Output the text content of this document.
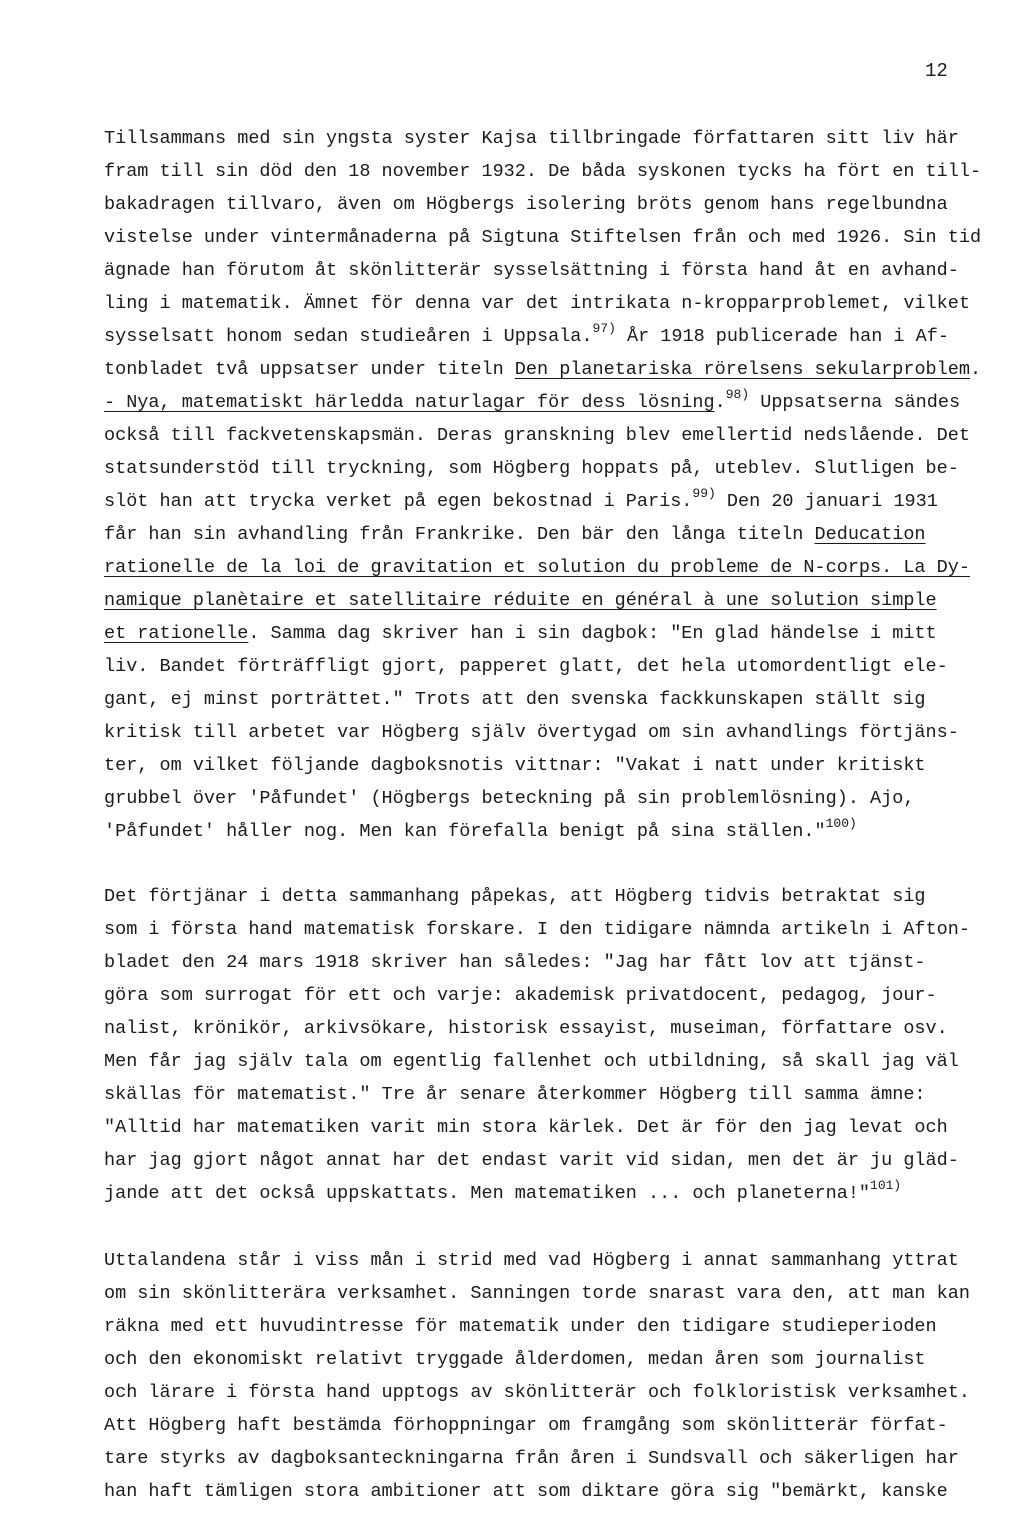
12

Tillsammans med sin yngsta syster Kajsa tillbringade författaren sitt liv här

fram till sin död den 18 november 1932. De båda syskonen tycks ha fört en till-

bakadragen tillvaro, även om Högbergs isolering bröts genom hans regelbundna

vistelse under vintermånaderna på Sigtuna Stiftelsen från och med 1926. Sin tid

ägnade han förutom åt skönlitterär sysselsättning i första hand åt en avhand-

ling i matematik. Ämnet för denna var det intrikata n-kropparproblemet, vilket

sysselsatt honom sedan studieåren i Uppsala.$^{97)}$ År 1918 publicerade han i Af-

tonbladet två uppsatser under titeln Den planetariska rörelsens sekularproblem.

- Nya, matematiskt härledda naturlagar för dess lösning.$^{98)}$ Uppsatserna sändes

också till fackvetenskapsmän. Deras granskning blev emellertid nedslående. Det

statsunderstöd till tryckning, som Högberg hoppats på, uteblev. Slutligen be-

slöt han att trycka verket på egen bekostnad i Paris.$^{99)}$ Den 20 januari 1931

får han sin avhandling från Frankrike. Den bär den långa titeln Deducation

rationelle de la loi de gravitation et solution du probleme de N-corps. La Dy-

namique planètaire et satellitaire réduite en général à une solution simple

et rationelle. Samma dag skriver han i sin dagbok: "En glad händelse i mitt

liv. Bandet förträffligt gjort, papperet glatt, det hela utomordentligt ele-

gant, ej minst porträttet." Trots att den svenska fackkunskapen ställt sig

kritisk till arbetet var Högberg själv övertygad om sin avhandlings förtjäns-

ter, om vilket följande dagboksnotis vittnar: "Vakat i natt under kritiskt

grubbel över 'Påfundet' (Högbergs beteckning på sin problemlösning). Ajo,

'Påfundet' håller nog. Men kan förefalla benigt på sina ställen."$^{100)}$

Det förtjänar i detta sammanhang påpekas, att Högberg tidvis betraktat sig

som i första hand matematisk forskare. I den tidigare nämnda artikeln i Afton-

bladet den 24 mars 1918 skriver han således: "Jag har fått lov att tjänst-

göra som surrogat för ett och varje: akademisk privatdocent, pedagog, jour-

nalist, krönikör, arkivsökare, historisk essayist, museiman, författare osv.

Men får jag själv tala om egentlig fallenhet och utbildning, så skall jag väl

skällas för matematist." Tre år senare återkommer Högberg till samma ämne:

"Alltid har matematiken varit min stora kärlek. Det är för den jag levat och

har jag gjort något annat har det endast varit vid sidan, men det är ju gläd-

jande att det också uppskattats. Men matematiken ... och planeterna!"$^{101)}$

Uttalandena står i viss mån i strid med vad Högberg i annat sammanhang yttrat

om sin skönlitterära verksamhet. Sanningen torde snarast vara den, att man kan

räkna med ett huvudintresse för matematik under den tidigare studieperioden

och den ekonomiskt relativt tryggade ålderdomen, medan åren som journalist

och lärare i första hand upptogs av skönlitterär och folkloristisk verksamhet.

Att Högberg haft bestämda förhoppningar om framgång som skönlitterär förfat-

tare styrks av dagboksanteckningarna från åren i Sundsvall och säkerligen har

han haft tämligen stora ambitioner att som diktare göra sig "bemärkt, kanske
